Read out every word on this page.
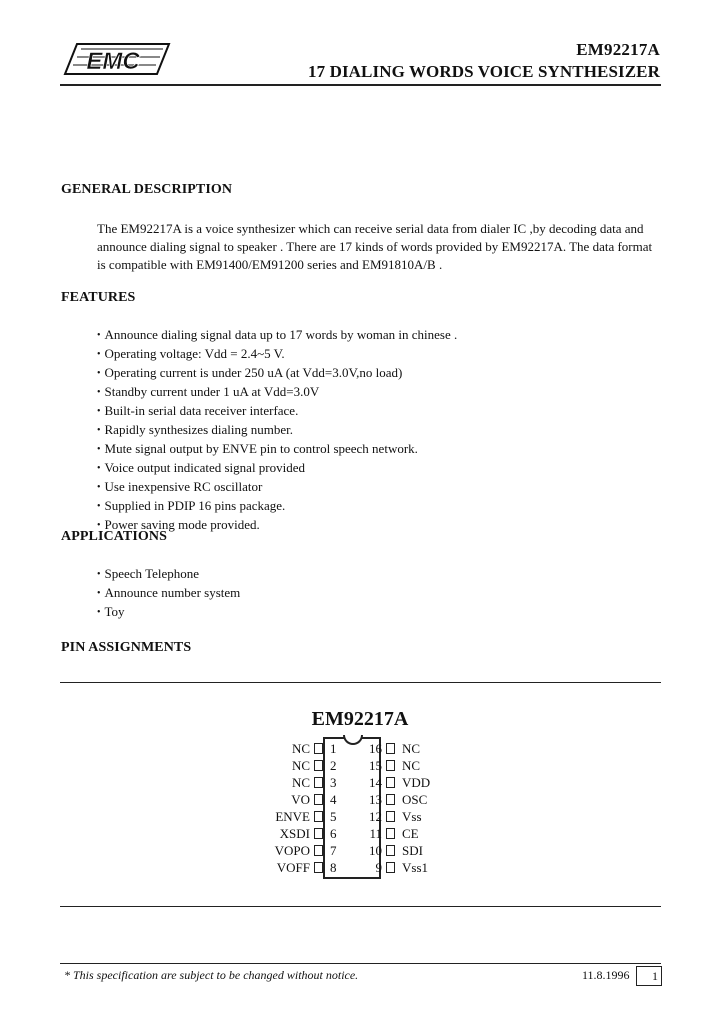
EMC	EM92217A
17 DIALING WORDS VOICE SYNTHESIZER
GENERAL DESCRIPTION
The EM92217A is a voice synthesizer which can receive serial data from dialer IC ,by decoding data and
announce dialing signal to speaker . There are 17 kinds of words provided by EM92217A. The data format
is compatible with EM91400/EM91200 series and EM91810A/B .
FEATURES
• Announce dialing signal data up to 17 words by woman in chinese .
• Operating voltage: Vdd = 2.4~5 V.
• Operating current is under 250 uA (at Vdd=3.0V,no load)
• Standby current under 1 uA at Vdd=3.0V
• Built-in serial data receiver interface.
• Rapidly synthesizes dialing number.
• Mute signal output by ENVE pin to control speech network.
• Voice output indicated signal provided
• Use inexpensive RC oscillator
• Supplied in PDIP 16 pins package.
• Power saving mode provided.
APPLICATIONS
• Speech Telephone
• Announce number system
• Toy
PIN ASSIGNMENTS
EM92217A
NC 1
NC 2
NC 3
VO 4
ENVE 5
XSDI 6
VOPO 7
VOFF 8
16 NC
15 NC
14 VDD
13 OSC
12 Vss
11 CE
10 SDI
9 Vss1
* This specification are subject to be changed without notice.	11.8.1996	1
